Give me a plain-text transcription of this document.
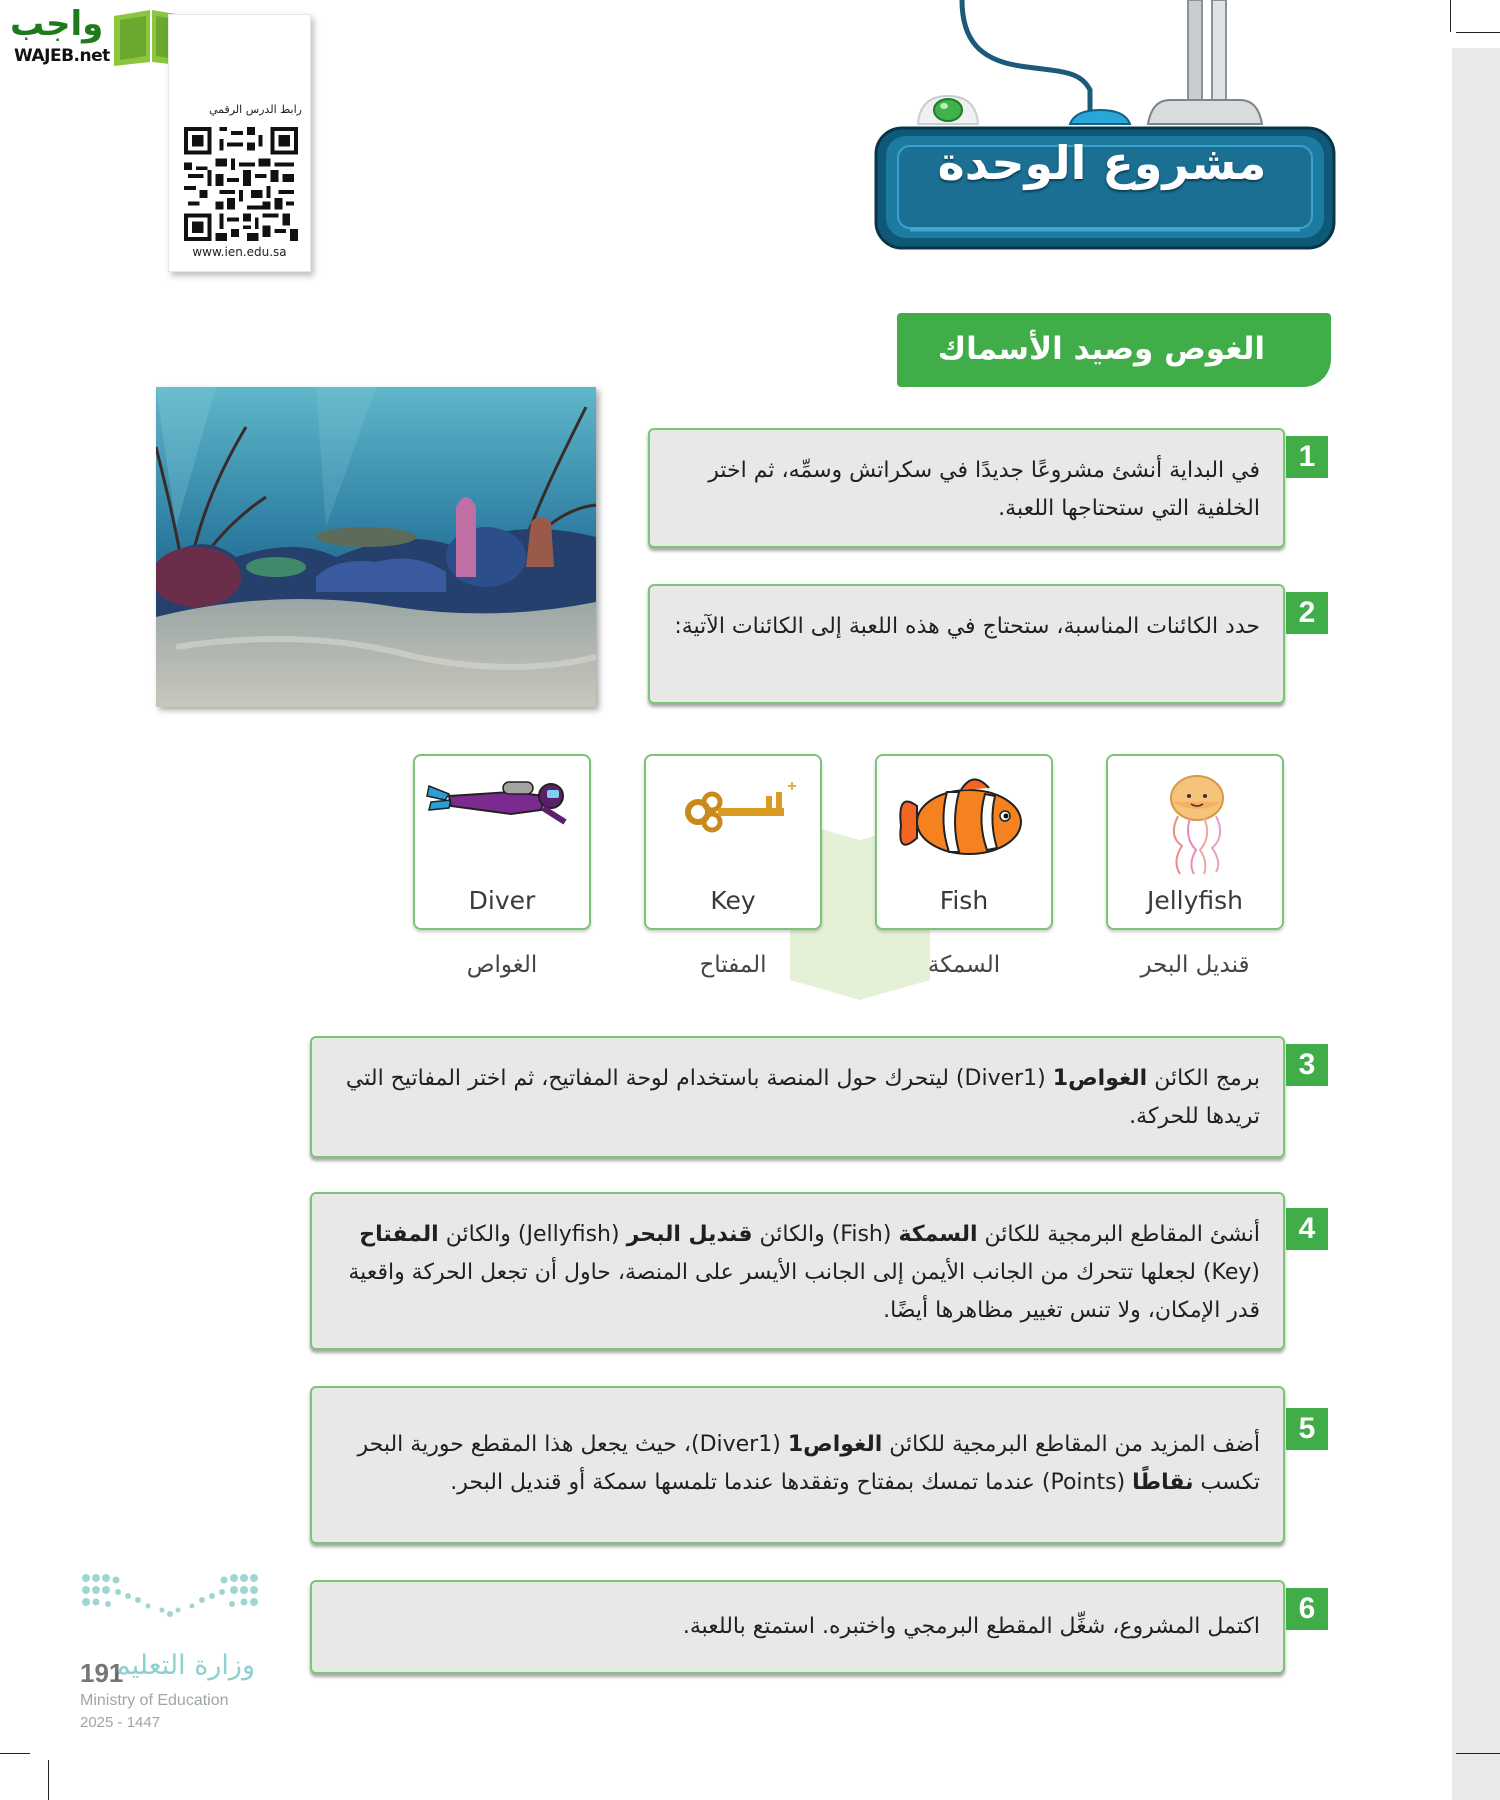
واجب
WAJEB.net
رابط الدرس الرقمي
www.ien.edu.sa
مشروع الوحدة
الغوص وصيد الأسماك
1
في البداية أنشئ مشروعًا جديدًا في سكراتش وسمِّه، ثم اختر الخلفية التي ستحتاجها اللعبة.
2
حدد الكائنات المناسبة، ستحتاج في هذه اللعبة إلى الكائنات الآتية:
Jellyfish
قنديل البحر
Fish
السمكة
Key
المفتاح
Diver
الغواص
3
برمج الكائن الغواص1 (Diver1) ليتحرك حول المنصة باستخدام لوحة المفاتيح، ثم اختر المفاتيح التي تريدها للحركة.
4
أنشئ المقاطع البرمجية للكائن السمكة (Fish) والكائن قنديل البحر (Jellyfish) والكائن المفتاح (Key) لجعلها تتحرك من الجانب الأيمن إلى الجانب الأيسر على المنصة، حاول أن تجعل الحركة واقعية قدر الإمكان، ولا تنس تغيير مظاهرها أيضًا.
5
أضف المزيد من المقاطع البرمجية للكائن الغواص1 (Diver1)، حيث يجعل هذا المقطع حورية البحر تكسب نقاطًا (Points) عندما تمسك بمفتاح وتفقدها عندما تلمسها سمكة أو قنديل البحر.
6
اكتمل المشروع، شغِّل المقطع البرمجي واختبره. استمتع باللعبة.
وزارة التعليم
Ministry of Education
2025 - 1447
191
